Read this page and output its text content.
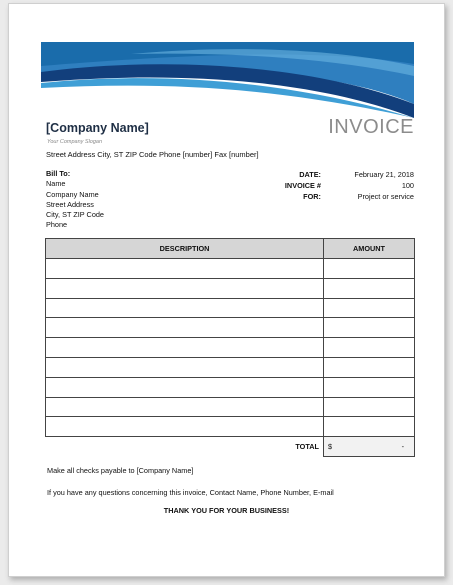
[Company Name]
Your Company Slogan
Street Address City, ST ZIP Code Phone [number] Fax [number]
INVOICE
Bill To:
Name
Company Name
Street Address
City, ST ZIP Code
Phone
DATE:	February 21, 2018
INVOICE #	100
FOR:	Project or service
DESCRIPTION	AMOUNT

TOTAL	$ -
Make all checks payable to [Company Name]
If you have any questions concerning this invoice, Contact Name, Phone Number, E-mail
THANK YOU FOR YOUR BUSINESS!
